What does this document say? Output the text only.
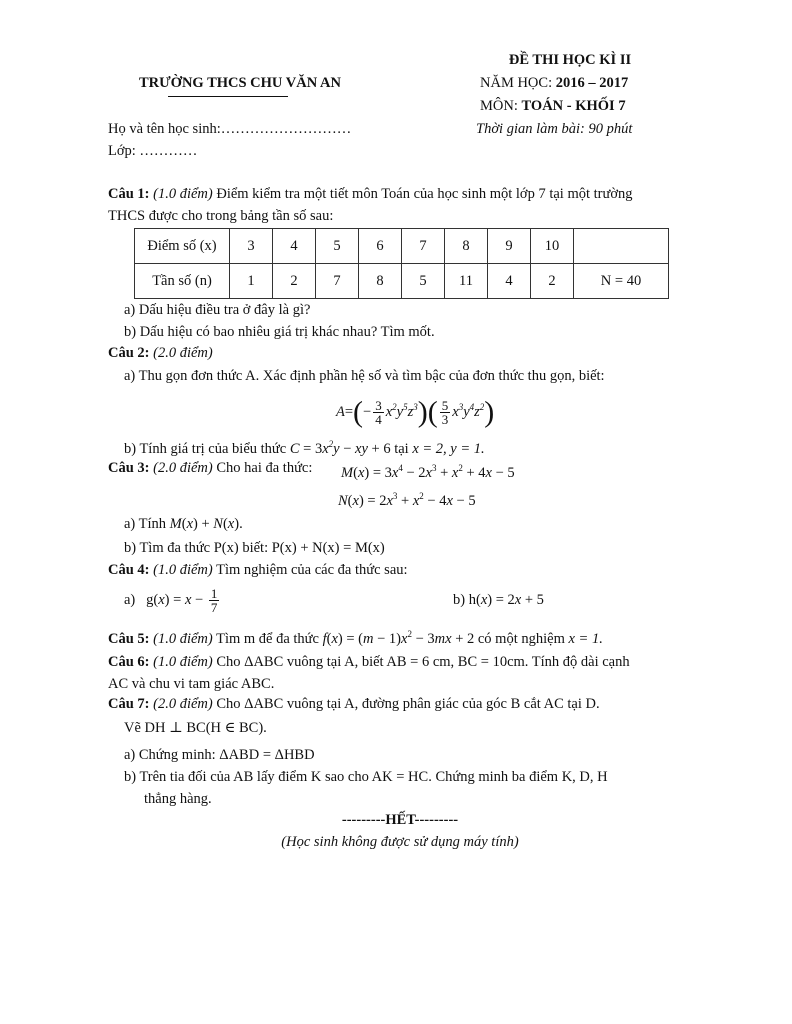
TRƯỜNG THCS CHU VĂN AN
ĐỀ THI HỌC KÌ II
NĂM HỌC: 2016 – 2017
MÔN: TOÁN - KHỐI 7
Thời gian làm bài: 90 phút
Họ và tên học sinh:………………………
Lớp: …………
Câu 1: (1.0 điểm) Điểm kiểm tra một tiết môn Toán của học sinh một lớp 7 tại một trường
THCS được cho trong bảng tần số sau:
Điểm số (x)	3	4	5	6	7	8	9	10	
Tần số (n)	1	2	7	8	5	11	4	2	N = 40
a) Dấu hiệu điều tra ở đây là gì?
b) Dấu hiệu có bao nhiêu giá trị khác nhau? Tìm mốt.
Câu 2: (2.0 điểm)
a) Thu gọn đơn thức A. Xác định phần hệ số và tìm bậc của đơn thức thu gọn, biết:
$A=(- \frac{3}{4} x^2y^5z^3)( \frac{5}{3} x^3y^4z^2)$
b) Tính giá trị của biểu thức $C = 3x^2y$ − xy + 6 tại x = 2, y = 1.
Câu 3: (2.0 điểm) Cho hai đa thức: $M(x) = 3x^4 - 2x^3 + x^2 + 4x - 5$
$N(x) = 2x^3 + x^2 - 4x - 5$
a) Tính M(x) + N(x).
b) Tìm đa thức P(x) biết: P(x) + N(x) = M(x)
Câu 4: (1.0 điểm) Tìm nghiệm của các đa thức sau:
a)   $g(x) = x - \frac{1}{7}$	b) h(x) = 2x + 5
Câu 5: (1.0 điểm) Tìm m để đa thức $f(x) = (m - 1)x^2 - 3mx + 2$ có một nghiệm x = 1.
Câu 6: (1.0 điểm) Cho ΔABC vuông tại A, biết AB = 6 cm, BC = 10cm. Tính độ dài cạnh
AC và chu vi tam giác ABC.
Câu 7: (2.0 điểm) Cho ΔABC vuông tại A, đường phân giác của góc B cắt AC tại D.
Vẽ DH ⊥ BC(H ∈ BC).
a) Chứng minh: ΔABD = ΔHBD
b) Trên tia đối của AB lấy điểm K sao cho AK = HC. Chứng minh ba điểm K, D, H
thẳng hàng.
---------HẾT---------
(Học sinh không được sử dụng máy tính)
